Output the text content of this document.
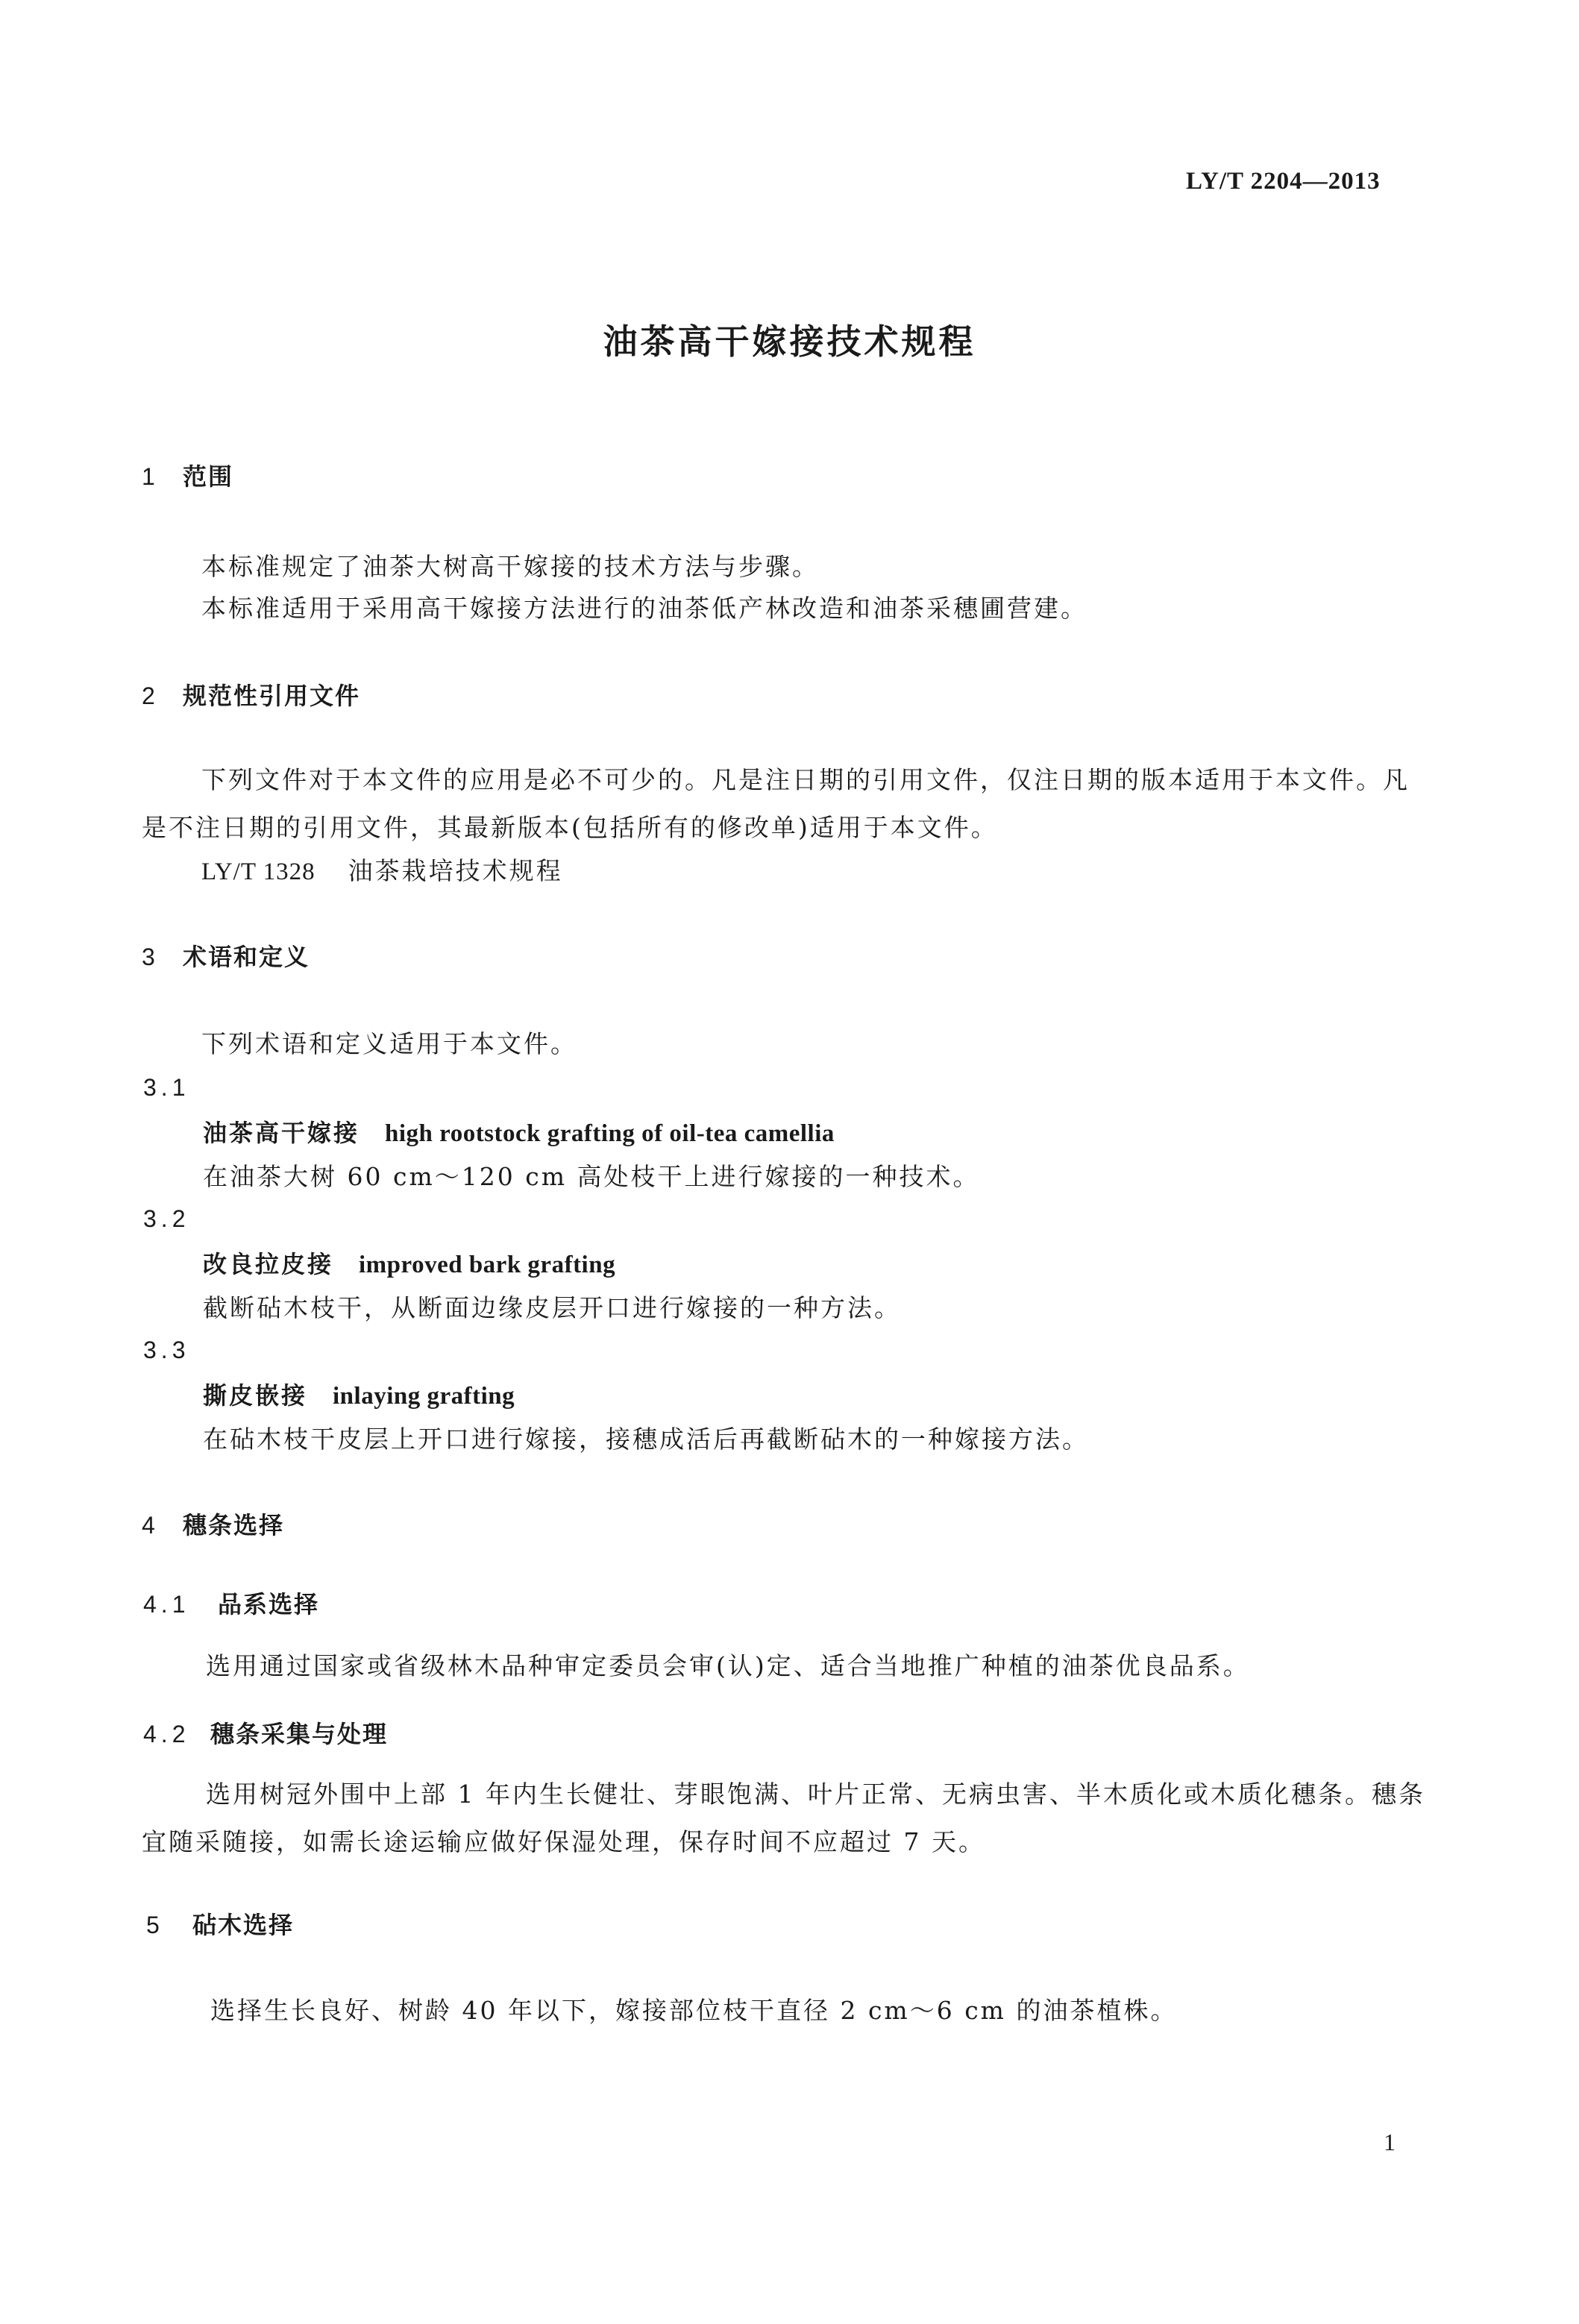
LY/T 2204—2013
油茶高干嫁接技术规程
1 范围
本标准规定了油茶大树高干嫁接的技术方法与步骤。
本标准适用于采用高干嫁接方法进行的油茶低产林改造和油茶采穗圃营建。
2 规范性引用文件
下列文件对于本文件的应用是必不可少的。凡是注日期的引用文件，仅注日期的版本适用于本文件。凡是不注日期的引用文件，其最新版本(包括所有的修改单)适用于本文件。
LY/T 1328 油茶栽培技术规程
3 术语和定义
下列术语和定义适用于本文件。
3.1
油茶高干嫁接 high rootstock grafting of oil-tea camellia
在油茶大树 60 cm～120 cm 高处枝干上进行嫁接的一种技术。
3.2
改良拉皮接 improved bark grafting
截断砧木枝干，从断面边缘皮层开口进行嫁接的一种方法。
3.3
撕皮嵌接 inlaying grafting
在砧木枝干皮层上开口进行嫁接，接穗成活后再截断砧木的一种嫁接方法。
4 穗条选择
4.1 品系选择
选用通过国家或省级林木品种审定委员会审(认)定、适合当地推广种植的油茶优良品系。
4.2 穗条采集与处理
选用树冠外围中上部 1 年内生长健壮、芽眼饱满、叶片正常、无病虫害、半木质化或木质化穗条。穗条宜随采随接，如需长途运输应做好保湿处理，保存时间不应超过 7 天。
5 砧木选择
选择生长良好、树龄 40 年以下，嫁接部位枝干直径 2 cm～6 cm 的油茶植株。
1
